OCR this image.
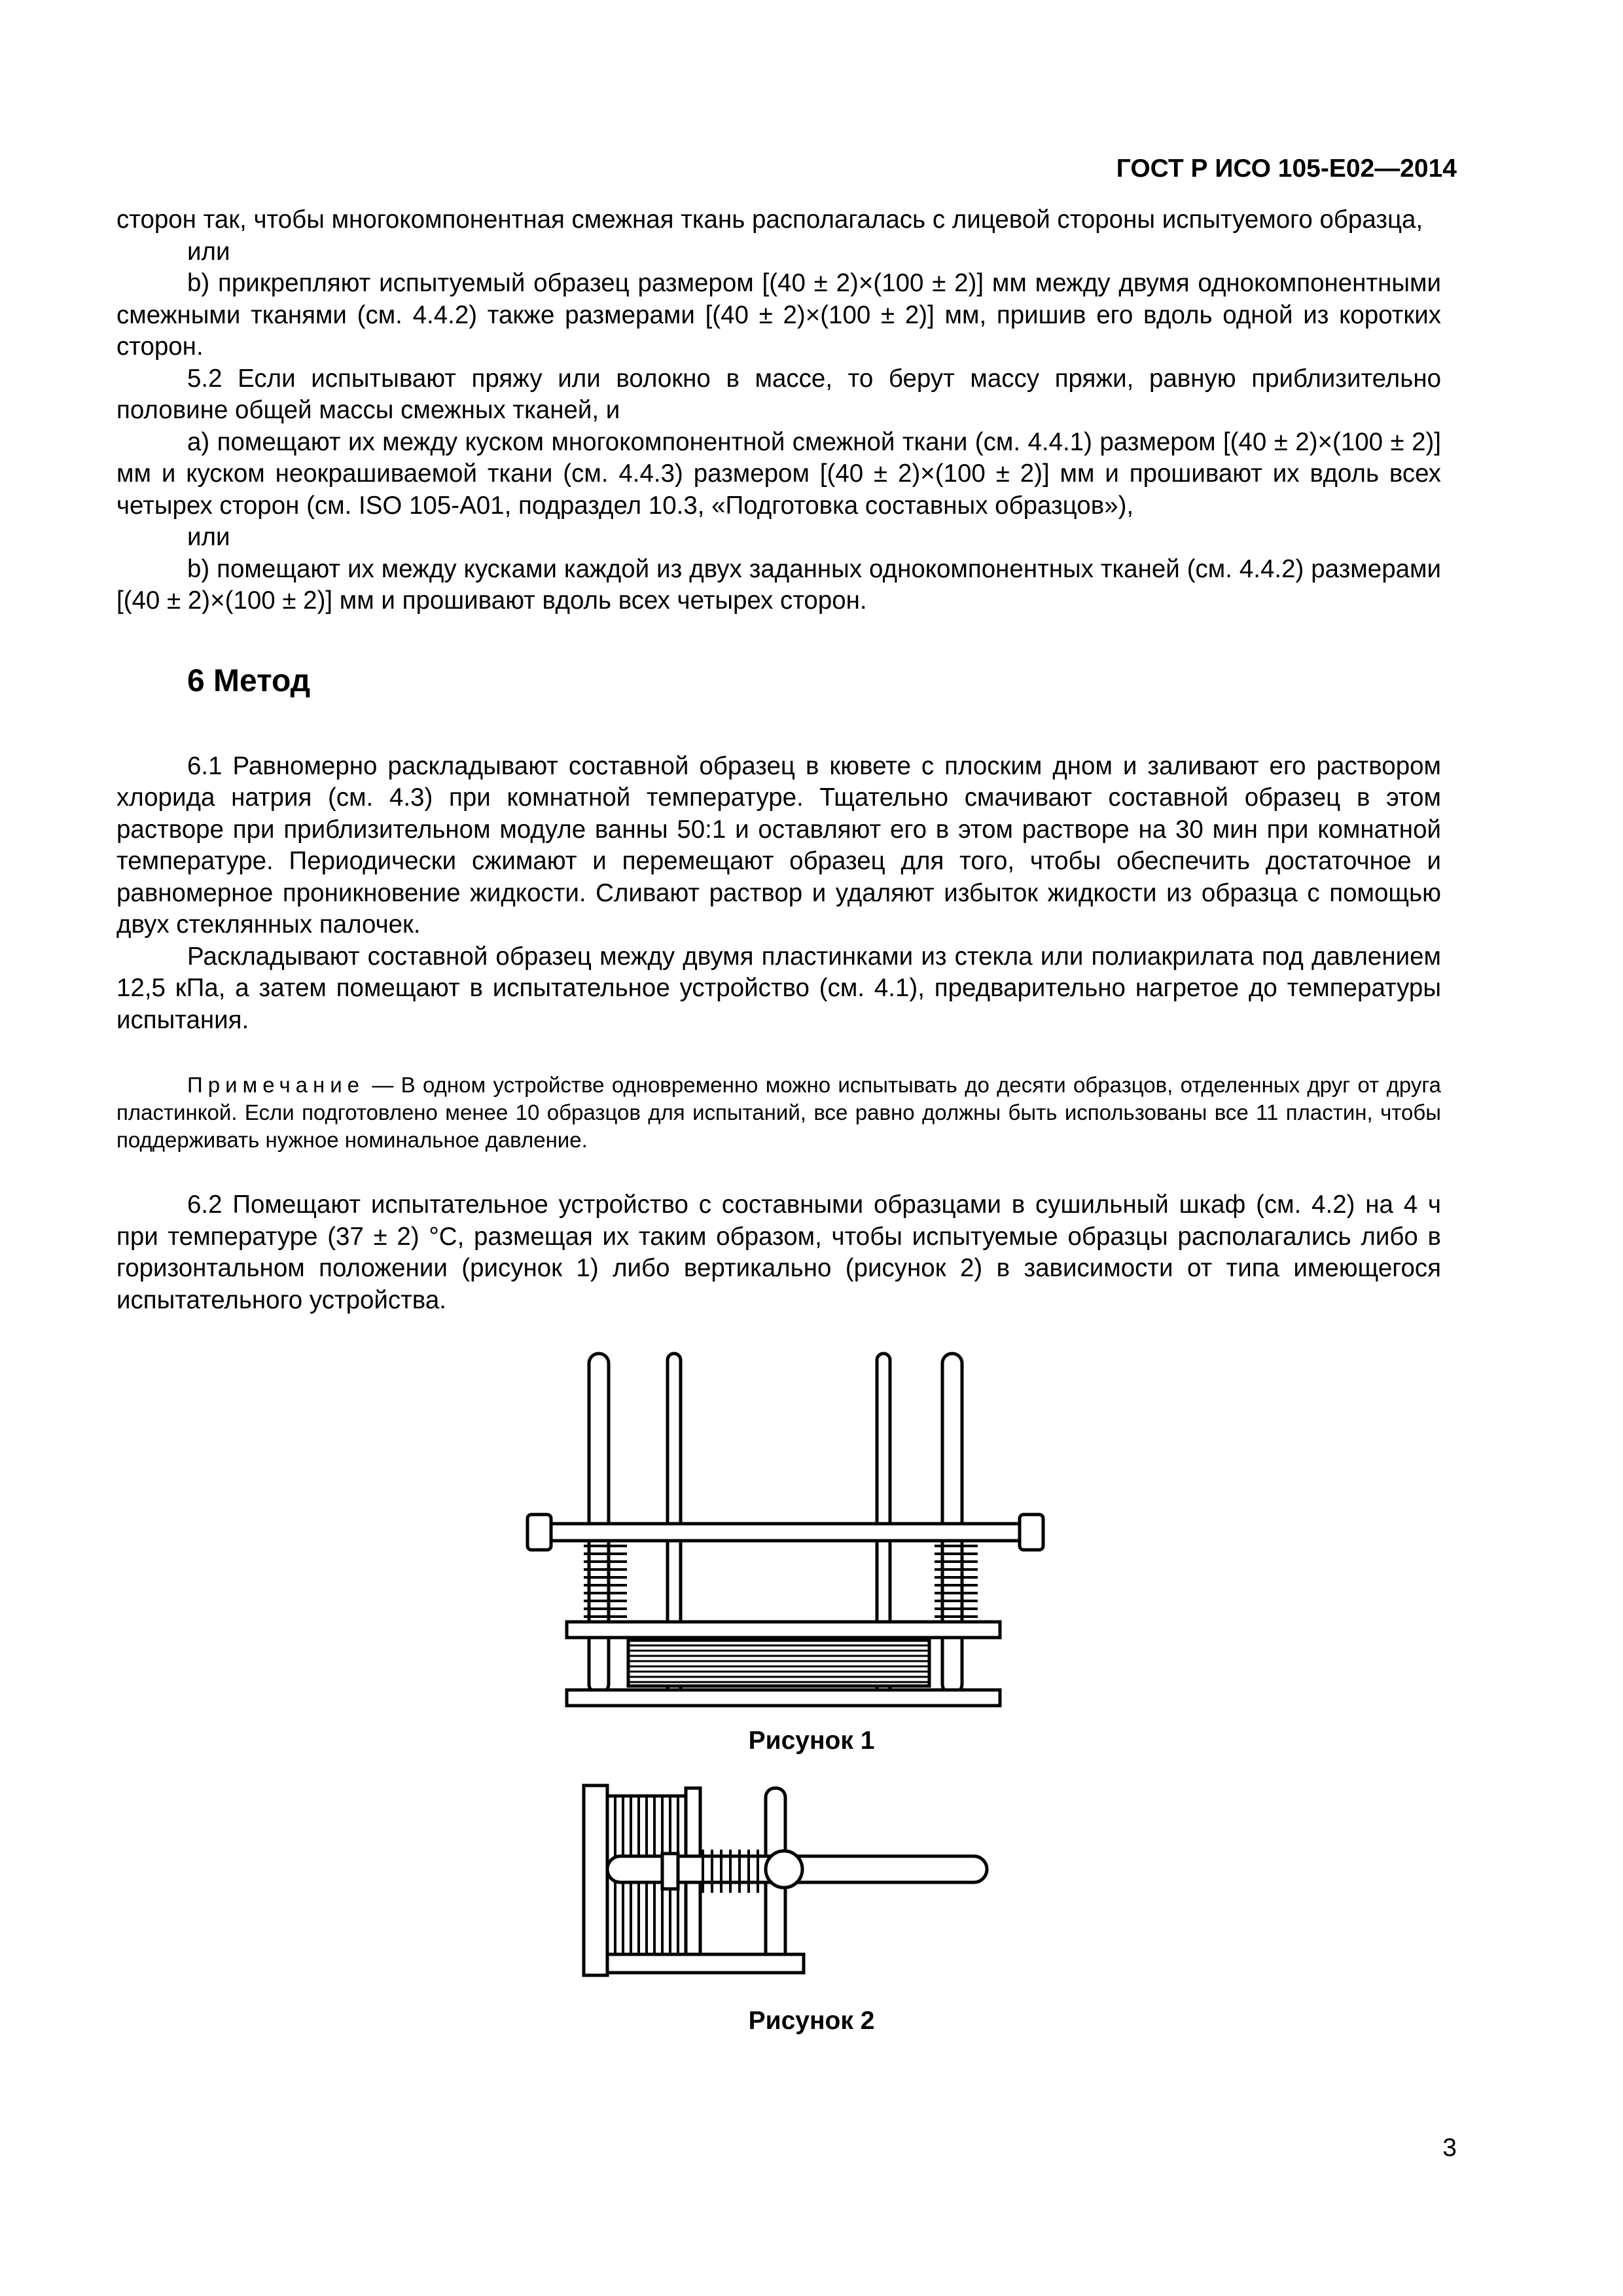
ГОСТ Р ИСО 105-E02—2014

сторон так, чтобы многокомпонентная смежная ткань располагалась с лицевой стороны испытуемого образца,

или

b) прикрепляют испытуемый образец размером [(40 ± 2)×(100 ± 2)] мм между двумя однокомпонентными смежными тканями (см. 4.4.2) также размерами [(40 ± 2)×(100 ± 2)] мм, пришив его вдоль одной из коротких сторон.

5.2 Если испытывают пряжу или волокно в массе, то берут массу пряжи, равную приблизительно половине общей массы смежных тканей, и

а) помещают их между куском многокомпонентной смежной ткани (см. 4.4.1) размером [(40 ± 2)×(100 ± 2)] мм и куском неокрашиваемой ткани (см. 4.4.3) размером [(40 ± 2)×(100 ± 2)] мм и прошивают их вдоль всех четырех сторон (см. ISO 105-A01, подраздел 10.3, «Подготовка составных образцов»),

или

b) помещают их между кусками каждой из двух заданных однокомпонентных тканей (см. 4.4.2) размерами [(40 ± 2)×(100 ± 2)] мм и прошивают вдоль всех четырех сторон.

6 Метод

6.1 Равномерно раскладывают составной образец в кювете с плоским дном и заливают его раствором хлорида натрия (см. 4.3) при комнатной температуре. Тщательно смачивают составной образец в этом растворе при приблизительном модуле ванны 50:1 и оставляют его в этом растворе на 30 мин при комнатной температуре. Периодически сжимают и перемещают образец для того, чтобы обеспечить достаточное и равномерное проникновение жидкости. Сливают раствор и удаляют избыток жидкости из образца с помощью двух стеклянных палочек.

Раскладывают составной образец между двумя пластинками из стекла или полиакрилата под давлением 12,5 кПа, а затем помещают в испытательное устройство (см. 4.1), предварительно нагретое до температуры испытания.

Примечание — В одном устройстве одновременно можно испытывать до десяти образцов, отделенных друг от друга пластинкой. Если подготовлено менее 10 образцов для испытаний, все равно должны быть использованы все 11 пластин, чтобы поддерживать нужное номинальное давление.

6.2 Помещают испытательное устройство с составными образцами в сушильный шкаф (см. 4.2) на 4 ч при температуре (37 ± 2) °C, размещая их таким образом, чтобы испытуемые образцы располагались либо в горизонтальном положении (рисунок 1) либо вертикально (рисунок 2) в зависимости от типа имеющегося испытательного устройства.

Рисунок 1
Рисунок 2
3
